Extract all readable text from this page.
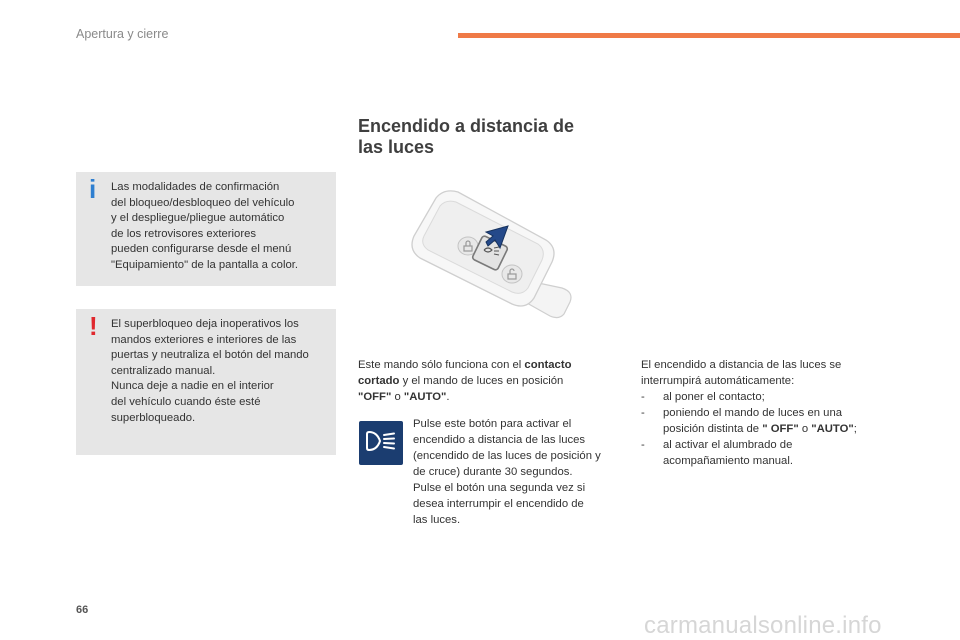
Apertura y cierre
i Las modalidades de confirmación
del bloqueo/desbloqueo del vehículo
y el despliegue/pliegue automático
de los retrovisores exteriores
pueden configurarse desde el menú
"Equipamiento" de la pantalla a color.
! El superbloqueo deja inoperativos los
mandos exteriores e interiores de las
puertas y neutraliza el botón del mando
centralizado manual.
Nunca deje a nadie en el interior
del vehículo cuando éste esté
superbloqueado.
Encendido a distancia de
las luces
Este mando sólo funciona con el contacto
cortado y el mando de luces en posición
"OFF" o "AUTO".
Pulse este botón para activar el
encendido a distancia de las luces
(encendido de las luces de posición y
de cruce) durante 30 segundos.
Pulse el botón una segunda vez si
desea interrumpir el encendido de
las luces.
El encendido a distancia de las luces se
interrumpirá automáticamente:
-	al poner el contacto;
-	poniendo el mando de luces en una
posición distinta de " OFF" o "AUTO";
-	al activar el alumbrado de
acompañamiento manual.
66
carmanualsonline.info
